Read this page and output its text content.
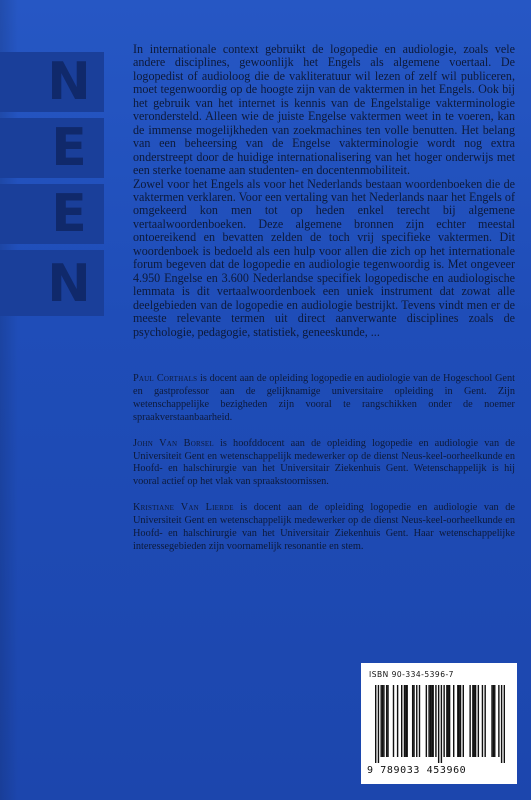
N
E
E
N

In internationale context gebruikt de logopedie en audiologie, zoals vele andere disciplines, gewoonlijk het Engels als algemene voertaal. De logopedist of audioloog die de vakliteratuur wil lezen of zelf wil publiceren, moet tegenwoordig op de hoogte zijn van de vaktermen in het Engels. Ook bij het gebruik van het internet is kennis van de Engelstalige vakterminologie verondersteld. Alleen wie de juiste Engelse vaktermen weet in te voeren, kan de immense mogelijkheden van zoekmachines ten volle benutten. Het belang van een beheersing van de Engelse vakterminologie wordt nog extra onderstreept door de huidige internationalisering van het hoger onderwijs met een sterke toename aan studenten- en docentenmobiliteit.

Zowel voor het Engels als voor het Nederlands bestaan woordenboeken die de vaktermen verklaren. Voor een vertaling van het Nederlands naar het Engels of omgekeerd kon men tot op heden enkel terecht bij algemene vertaalwoordenboeken. Deze algemene bronnen zijn echter meestal ontoereikend en bevatten zelden de toch vrij specifieke vaktermen. Dit woordenboek is bedoeld als een hulp voor allen die zich op het internationale forum begeven dat de logopedie en audiologie tegenwoordig is. Met ongeveer 4.950 Engelse en 3.600 Nederlandse specifiek logopedische en audiologische lemmata is dit vertaalwoordenboek een uniek instrument dat zowat alle deelgebieden van de logopedie en audiologie bestrijkt. Tevens vindt men er de meeste relevante termen uit direct aanverwante disciplines zoals de psychologie, pedagogie, statistiek, geneeskunde, ...

Paul Corthals is docent aan de opleiding logopedie en audiologie van de Hogeschool Gent en gastprofessor aan de gelijknamige universitaire opleiding in Gent. Zijn wetenschappelijke bezigheden zijn vooral te rangschikken onder de noemer spraakverstaanbaarheid.

John Van Borsel is hoofddocent aan de opleiding logopedie en audiologie van de Universiteit Gent en wetenschappelijk medewerker op de dienst Neus-keel-oorheelkunde en Hoofd- en halschirurgie van het Universitair Ziekenhuis Gent. Wetenschappelijk is hij vooral actief op het vlak van spraakstoornissen.

Kristiane Van Lierde is docent aan de opleiding logopedie en audiologie van de Universiteit Gent en wetenschappelijk medewerker op de dienst Neus-keel-oorheelkunde en Hoofd- en halschirurgie van het Universitair Ziekenhuis Gent. Haar wetenschappelijke interessegebieden zijn voornamelijk resonantie en stem.

ISBN 90-334-5396-7
9 789033 453960
